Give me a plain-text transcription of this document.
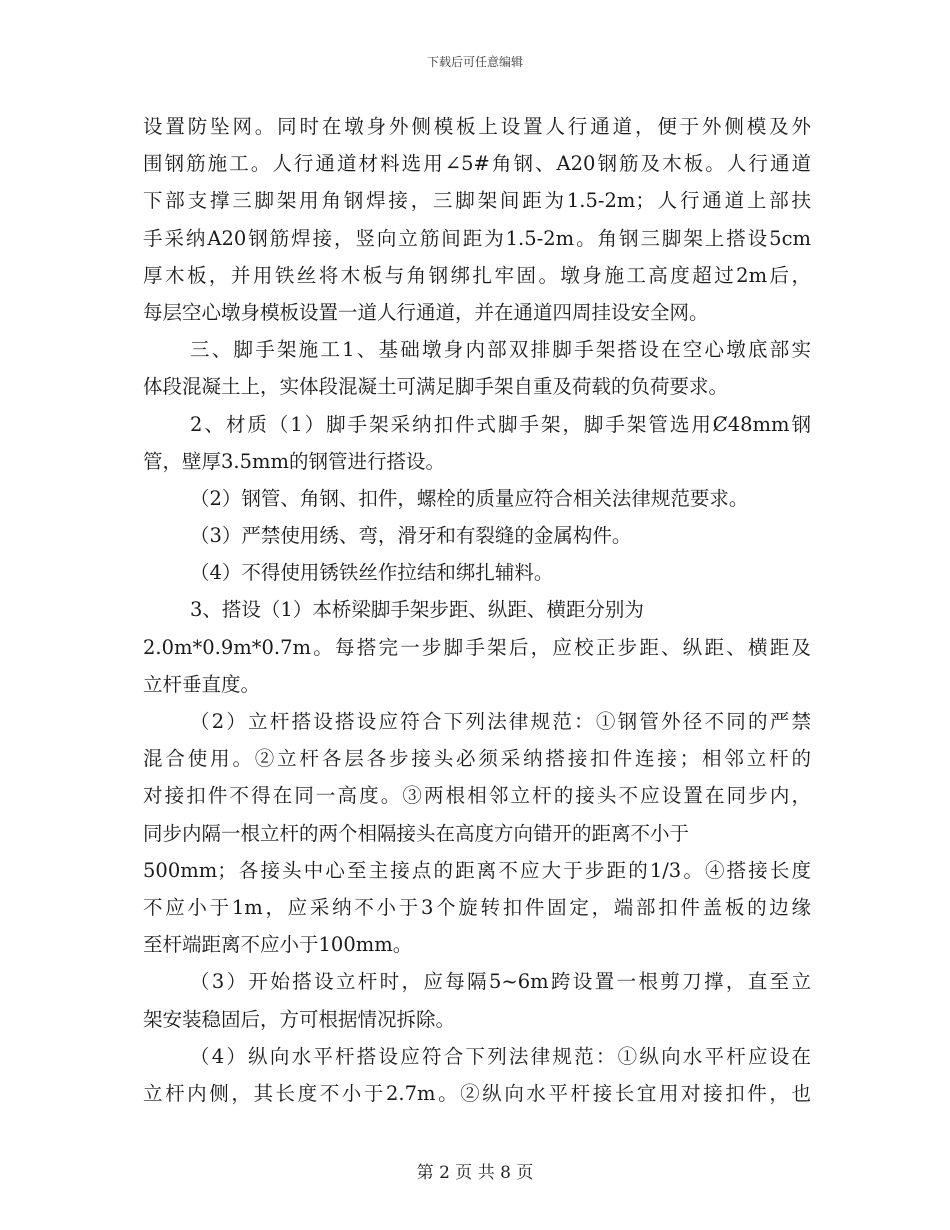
下载后可任意编辑
设置防坠网。同时在墩身外侧模板上设置人行通道，便于外侧模及外
围钢筋施工。人行通道材料选用∠5#角钢、A20钢筋及木板。人行通道
下部支撑三脚架用角钢焊接，三脚架间距为1.5-2m；人行通道上部扶
手采纳A20钢筋焊接，竖向立筋间距为1.5-2m。角钢三脚架上搭设5cm
厚木板，并用铁丝将木板与角钢绑扎牢固。墩身施工高度超过2m后，
每层空心墩身模板设置一道人行通道，并在通道四周挂设安全网。
三、脚手架施工1、基础墩身内部双排脚手架搭设在空心墩底部实
体段混凝土上，实体段混凝土可满足脚手架自重及荷载的负荷要求。
2、材质（1）脚手架采纳扣件式脚手架，脚手架管选用Ȼ48mm钢
管，壁厚3.5mm的钢管进行搭设。
（2）钢管、角钢、扣件，螺栓的质量应符合相关法律规范要求。
（3）严禁使用绣、弯，滑牙和有裂缝的金属构件。
（4）不得使用锈铁丝作拉结和绑扎辅料。
3、搭设（1）本桥梁脚手架步距、纵距、横距分别为
2.0m*0.9m*0.7m。每搭完一步脚手架后，应校正步距、纵距、横距及
立杆垂直度。
（2）立杆搭设搭设应符合下列法律规范：①钢管外径不同的严禁
混合使用。②立杆各层各步接头必须采纳搭接扣件连接；相邻立杆的
对接扣件不得在同一高度。③两根相邻立杆的接头不应设置在同步内，
同步内隔一根立杆的两个相隔接头在高度方向错开的距离不小于
500mm；各接头中心至主接点的距离不应大于步距的1/3。④搭接长度
不应小于1m，应采纳不小于3个旋转扣件固定，端部扣件盖板的边缘
至杆端距离不应小于100mm。
（3）开始搭设立杆时，应每隔5~6m跨设置一根剪刀撑，直至立
架安装稳固后，方可根据情况拆除。
（4）纵向水平杆搭设应符合下列法律规范：①纵向水平杆应设在
立杆内侧，其长度不小于2.7m。②纵向水平杆接长宜用对接扣件，也
第 2 页 共 8 页
